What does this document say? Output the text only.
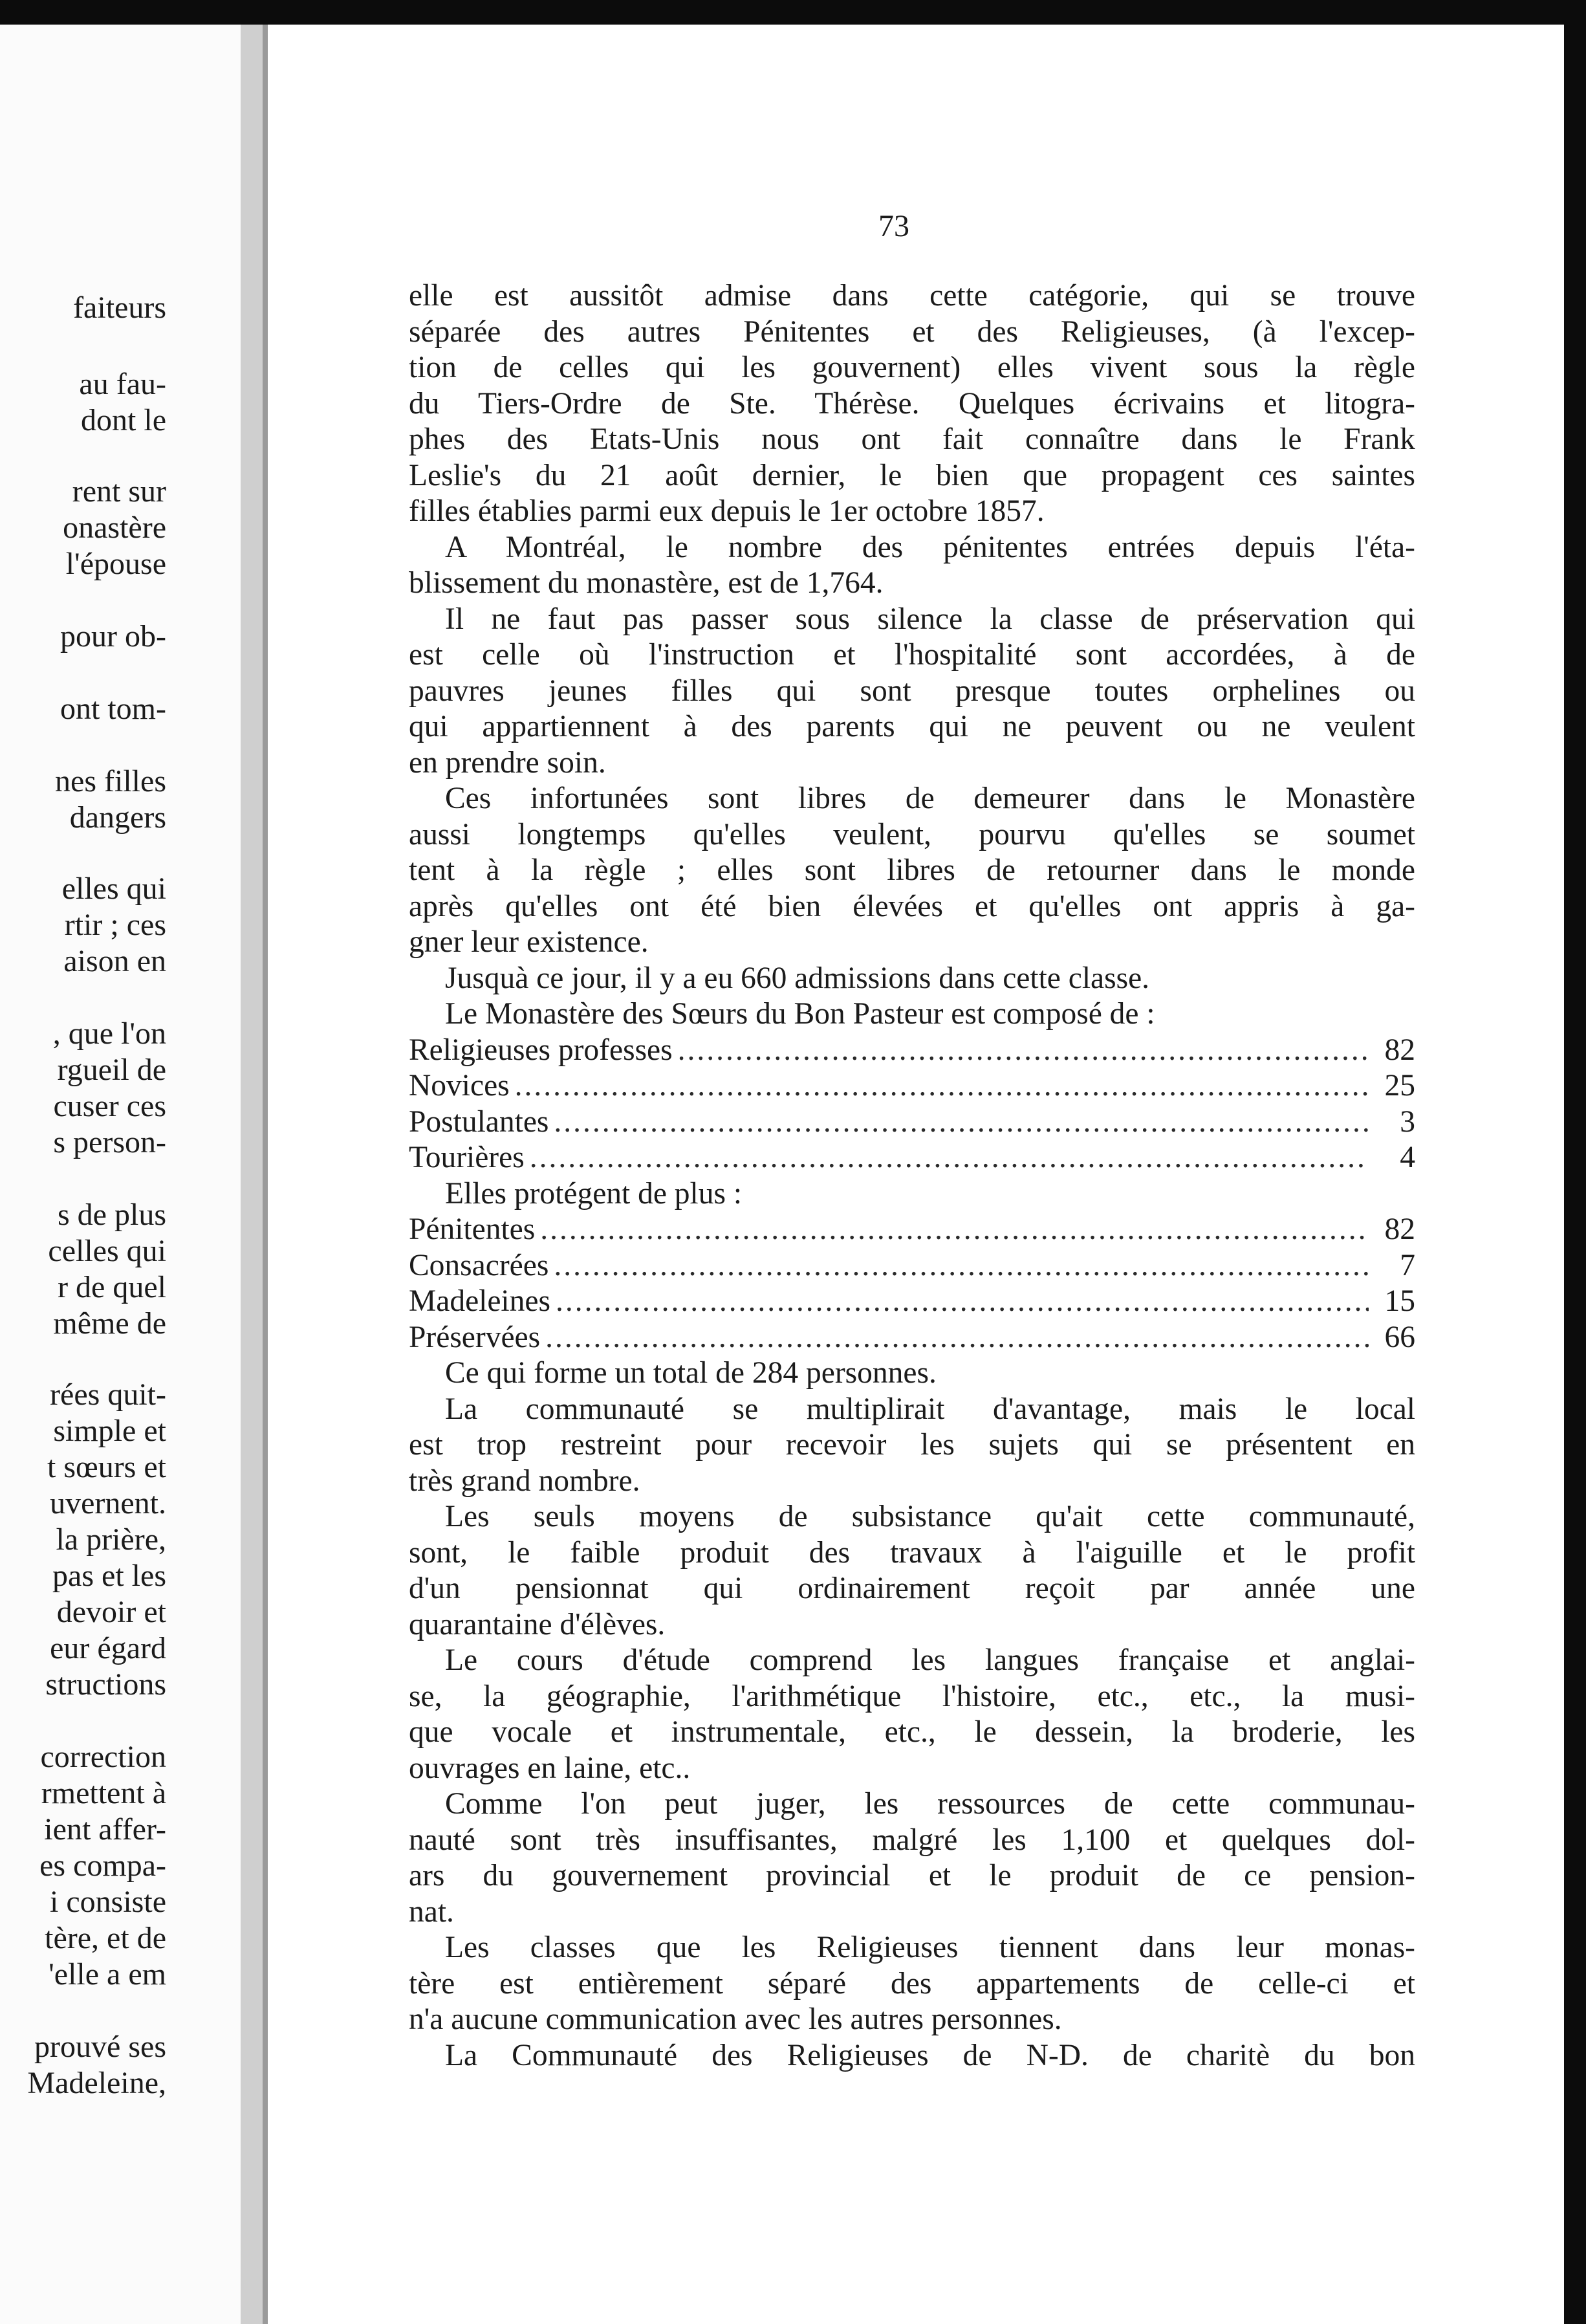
faiteurs
au fau-
dont le
rent sur
onastère
l'épouse
pour ob-
ont tom-
nes filles
dangers
elles qui
rtir ; ces
aison en
, que l'on
rgueil de
cuser ces
s person-
s de plus
celles qui
r de quel
même de
rées quit-
simple et
t sœurs et
uvernent.
la prière,
pas et les
devoir et
eur égard
structions
correction
rmettent à
ient affer-
es compa-
i consiste
tère, et de
'elle a em
prouvé ses
Madeleine,
73
elle est aussitôt admise dans cette catégorie, qui se trouve
séparée des autres Pénitentes et des Religieuses, (à l'excep-
tion de celles qui les gouvernent) elles vivent sous la règle
du Tiers-Ordre de Ste. Thérèse. Quelques écrivains et litogra-
phes des Etats-Unis nous ont fait connaître dans le Frank
Leslie's du 21 août dernier, le bien que propagent ces saintes
filles établies parmi eux depuis le 1er octobre 1857.
A Montréal, le nombre des pénitentes entrées depuis l'éta-
blissement du monastère, est de 1,764.
Il ne faut pas passer sous silence la classe de préservation qui
est celle où l'instruction et l'hospitalité sont accordées, à de
pauvres jeunes filles qui sont presque toutes orphelines ou
qui appartiennent à des parents qui ne peuvent ou ne veulent
en prendre soin.
Ces infortunées sont libres de demeurer dans le Monastère
aussi longtemps qu'elles veulent, pourvu qu'elles se soumet
tent à la règle ; elles sont libres de retourner dans le monde
après qu'elles ont été bien élevées et qu'elles ont appris à ga-
gner leur existence.
Jusquà ce jour, il y a eu 660 admissions dans cette classe.
Le Monastère des Sœurs du Bon Pasteur est composé de :
Religieuses professes .....	82
Novices .....	25
Postulantes .....	3
Tourières .....	4
Elles protégent de plus :
Pénitentes .....	82
Consacrées .....	7
Madeleines .....	15
Préservées .....	66
Ce qui forme un total de 284 personnes.
La communauté se multiplirait d'avantage, mais le local
est trop restreint pour recevoir les sujets qui se présentent en
très grand nombre.
Les seuls moyens de subsistance qu'ait cette communauté,
sont, le faible produit des travaux à l'aiguille et le profit
d'un pensionnat qui ordinairement reçoit par année une
quarantaine d'élèves.
Le cours d'étude comprend les langues française et anglai-
se, la géographie, l'arithmétique l'histoire, etc., etc., la musi-
que vocale et instrumentale, etc., le dessein, la broderie, les
ouvrages en laine, etc..
Comme l'on peut juger, les ressources de cette communau-
nauté sont très insuffisantes, malgré les 1,100 et quelques dol-
ars du gouvernement provincial et le produit de ce pension-
nat.
Les classes que les Religieuses tiennent dans leur monas-
tère est entièrement séparé des appartements de celle-ci et
n'a aucune communication avec les autres personnes.
La Communauté des Religieuses de N-D. de charitè du bon
